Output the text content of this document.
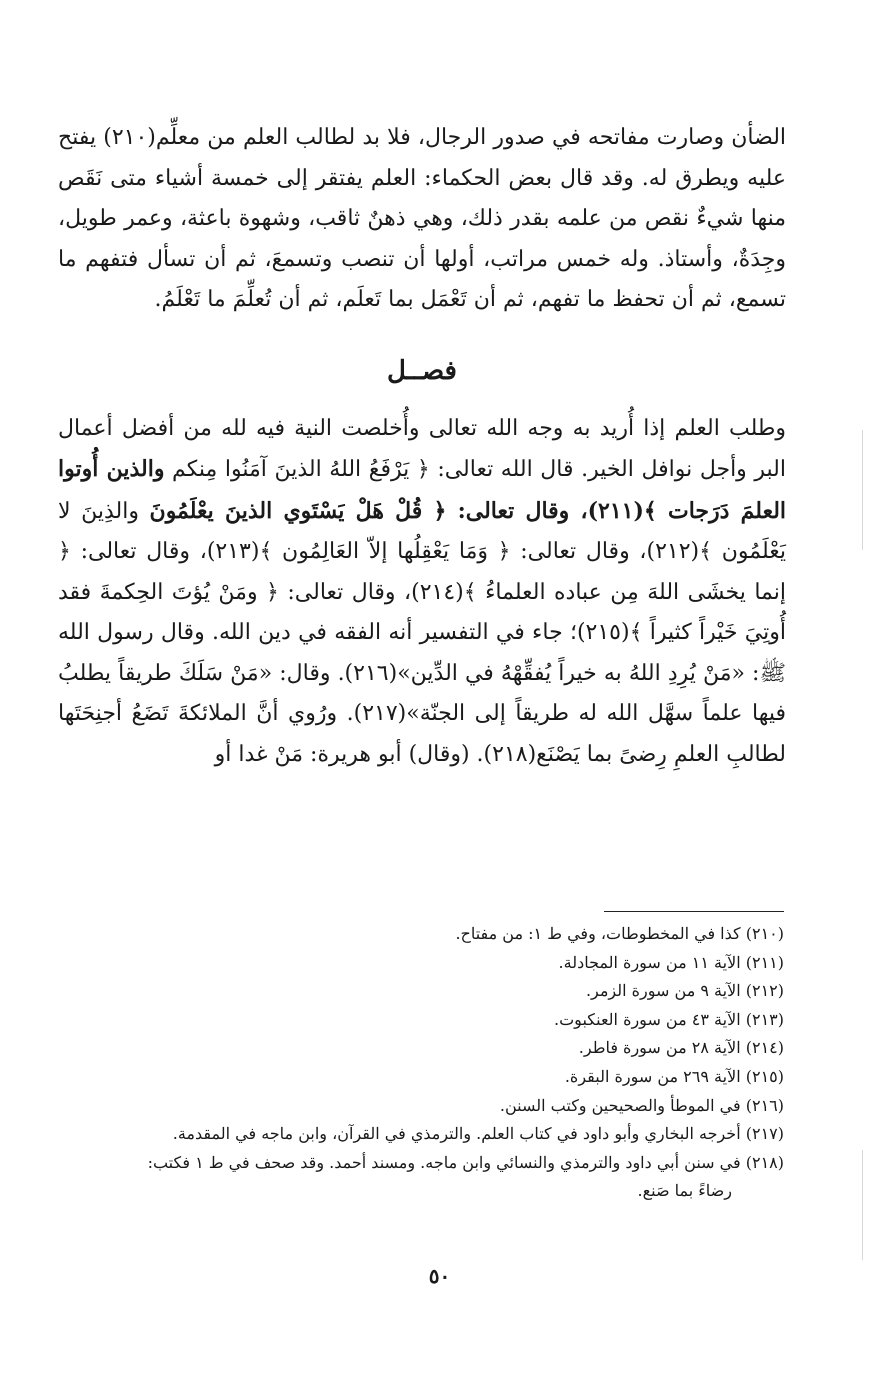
الضأن وصارت مفاتحه في صدور الرجال، فلا بد لطالب العلم من معلِّم(٢١٠) يفتح عليه ويطرق له. وقد قال بعض الحكماء: العلم يفتقر إلى خمسة أشياء متى نَقَص منها شيءٌ نقص من علمه بقدر ذلك، وهي ذهنٌ ثاقب، وشهوة باعثة، وعمر طويل، وجِدَةٌ، وأستاذ. وله خمس مراتب، أولها أن تنصب وتسمعَ، ثم أن تسأل فتفهم ما تسمع، ثم أن تحفظ ما تفهم، ثم أن تَعْمَل بما تَعلَم، ثم أن تُعلِّمَ ما تَعْلَمُ.

فصــل

وطلب العلم إذا أُريد به وجه الله تعالى وأُخلصت النية فيه لله من أفضل أعمال البر وأجل نوافل الخير. قال الله تعالى: ﴿ يَرْفَعُ اللهُ الذينَ آمَنُوا مِنكم والذين أُوتوا العلمَ دَرَجات ﴾(٢١١)، وقال تعالى: ﴿ قُلْ هَلْ يَسْتَوي الذينَ يعْلَمُونَ والذِينَ لا يَعْلَمُون ﴾(٢١٢)، وقال تعالى: ﴿ وَمَا يَعْقِلُها إلاّ العَالِمُون ﴾(٢١٣)، وقال تعالى: ﴿ إنما يخشَى اللهَ مِن عباده العلماءُ ﴾(٢١٤)، وقال تعالى: ﴿ ومَنْ يُؤتَ الحِكمةَ فقد أُوتِيَ خَيْراً كثيراً ﴾(٢١٥)؛ جاء في التفسير أنه الفقه في دين الله. وقال رسول الله ﷺ: «مَنْ يُرِدِ اللهُ به خيراً يُفقِّهْهُ في الدِّين»(٢١٦). وقال: «مَنْ سَلَكَ طريقاً يطلبُ فيها علماً سهَّل الله له طريقاً إلى الجنّة»(٢١٧). ورُوي أنَّ الملائكةَ تَضَعُ أجنِحَتَها لطالبِ العلمِ رِضىً بما يَصْنَع(٢١٨). (وقال) أبو هريرة: مَنْ غدا أو

(٢١٠) كذا في المخطوطات، وفي ط ١: من مفتاح.

(٢١١) الآية ١١ من سورة المجادلة.

(٢١٢) الآية ٩ من سورة الزمر.

(٢١٣) الآية ٤٣ من سورة العنكبوت.

(٢١٤) الآية ٢٨ من سورة فاطر.

(٢١٥) الآية ٢٦٩ من سورة البقرة.

(٢١٦) في الموطأ والصحيحين وكتب السنن.

(٢١٧) أخرجه البخاري وأبو داود في كتاب العلم. والترمذي في القرآن، وابن ماجه في المقدمة.

(٢١٨) في سنن أبي داود والترمذي والنسائي وابن ماجه. ومسند أحمد. وقد صحف في ط ١ فكتب:

رضاءً بما صَنع.

٥٠
